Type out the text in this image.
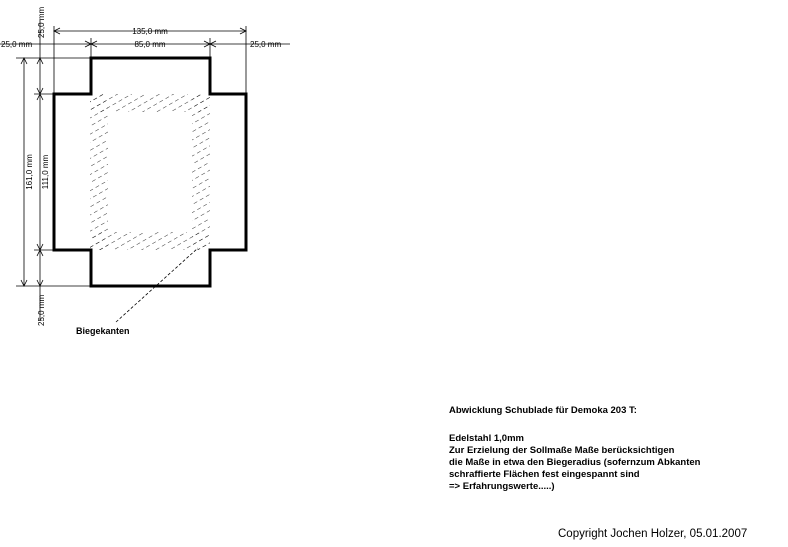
135,0 mm
85,0 mm
25,0 mm	25,0 mm
161,0 mm 111,0 mm
25,0 mm
25,0 mm
Biegekanten
Abwicklung Schublade für Demoka 203 T:
Edelstahl 1,0mm
Zur Erzielung der Sollmaße Maße berücksichtigen
die Maße in etwa den Biegeradius (sofernzum Abkanten
schraffierte Flächen fest eingespannt sind
=> Erfahrungswerte.....)
Copyright Jochen Holzer, 05.01.2007
